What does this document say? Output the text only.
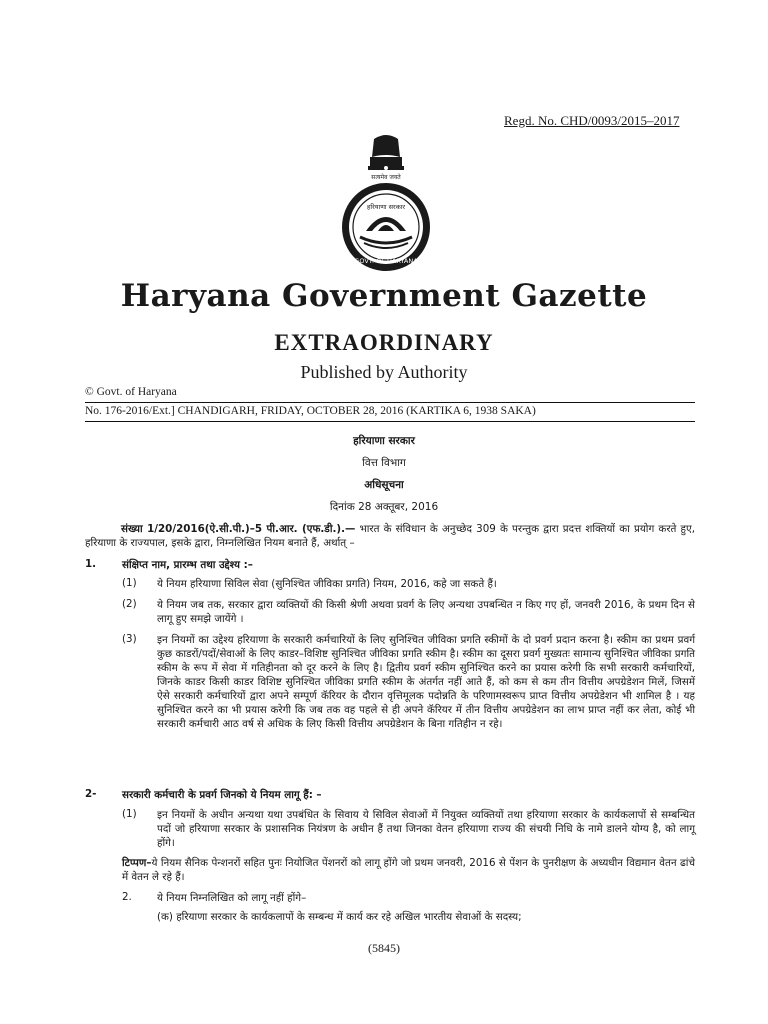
Regd. No. CHD/0093/2015–2017
सत्यमेव जयते
हरियाणा सरकार
GOVT. OF HARYANA
Haryana Government Gazette
EXTRAORDINARY
Published by Authority
© Govt. of Haryana
No. 176-2016/Ext.] CHANDIGARH, FRIDAY, OCTOBER 28, 2016 (KARTIKA 6, 1938 SAKA)
हरियाणा सरकार
वित्त विभाग
अधिसूचना
दिनांक 28 अक्तूबर, 2016
संख्या 1/20/2016(ऐ.सी.पी.)–5 पी.आर. (एफ.डी.).— भारत के संविधान के अनुच्छेद 309 के परन्तुक द्वारा प्रदत्त शक्तियों का प्रयोग करते हुए, हरियाणा के राज्यपाल, इसके द्वारा, निम्नलिखित नियम बनाते हैं, अर्थात् –
1.	संक्षिप्त नाम, प्रारम्भ तथा उद्देश्य :–
(1) ये नियम हरियाणा सिविल सेवा (सुनिश्चित जीविका प्रगति) नियम, 2016, कहे जा सकते हैं।
(2) ये नियम जब तक, सरकार द्वारा व्यक्तियों की किसी श्रेणी अथवा प्रवर्ग के लिए अन्यथा उपबन्धित न किए गए हों, जनवरी 2016, के प्रथम दिन से लागू हुए समझे जायेंगे ।
(3) इन नियमों का उद्देश्य हरियाणा के सरकारी कर्मचारियों के लिए सुनिश्चित जीविका प्रगति स्कीमों के दो प्रवर्ग प्रदान करना है। स्कीम का प्रथम प्रवर्ग कुछ काडरों/पदों/सेवाओं के लिए काडर–विशिष्ट सुनिश्चित जीविका प्रगति स्कीम है। स्कीम का दूसरा प्रवर्ग मुख्यतः सामान्य सुनिश्चित जीविका प्रगति स्कीम के रूप में सेवा में गतिहीनता को दूर करने के लिए है। द्वितीय प्रवर्ग स्कीम सुनिश्चित करने का प्रयास करेगी कि सभी सरकारी कर्मचारियों, जिनके काडर किसी काडर विशिष्ट सुनिश्चित जीविका प्रगति स्कीम के अंतर्गत नहीं आते हैं, को कम से कम तीन वित्तीय अपग्रेडेशन मिलें, जिसमें ऐसे सरकारी कर्मचारियों द्वारा अपने सम्पूर्ण कॅरियर के दौरान वृत्तिमूलक पदोन्नति के परिणामस्वरूप प्राप्त वित्तीय अपग्रेडेशन भी शामिल है । यह सुनिश्चित करने का भी प्रयास करेगी कि जब तक वह पहले से ही अपने कॅरियर में तीन वित्तीय अपग्रेडेशन का लाभ प्राप्त नहीं कर लेता, कोई भी सरकारी कर्मचारी आठ वर्ष से अधिक के लिए किसी वित्तीय अपग्रेडेशन के बिना गतिहीन न रहे।
2- सरकारी कर्मचारी के प्रवर्ग जिनको ये नियम लागू हैं: –
(1) इन नियमों के अधीन अन्यथा यथा उपबंधित के सिवाय ये सिविल सेवाओं में नियुक्त व्यक्तियों तथा हरियाणा सरकार के कार्यकलापों से सम्बन्धित पदों जो हरियाणा सरकार के प्रशासनिक नियंत्रण के अधीन हैं तथा जिनका वेतन हरियाणा राज्य की संचयी निधि के नामे डालने योग्य है, को लागू होंगे।
टिप्पण–ये नियम सैनिक पेन्शनरों सहित पुनः नियोजित पेंशनरों को लागू होंगे जो प्रथम जनवरी, 2016 से पेंशन के पुनरीक्षण के अध्यधीन विद्यमान वेतन ढांचे में वेतन ले रहे हैं।
2. ये नियम निम्नलिखित को लागू नहीं होंगे–
(क) हरियाणा सरकार के कार्यकलापों के सम्बन्ध में कार्य कर रहे अखिल भारतीय सेवाओं के सदस्य;
(5845)
